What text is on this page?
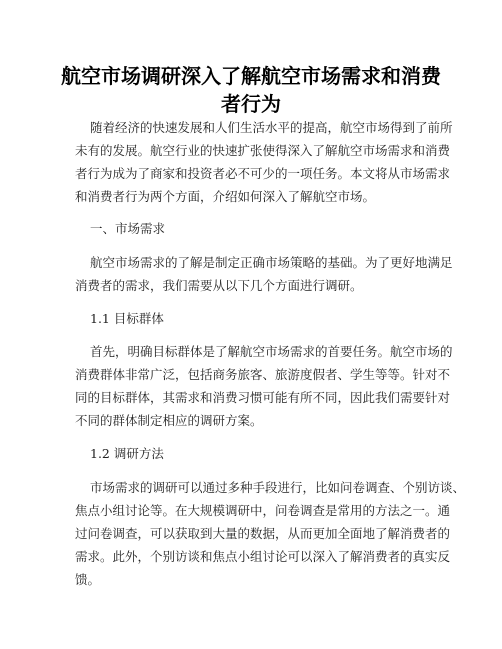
航空市场调研深入了解航空市场需求和消费
者行为
随着经济的快速发展和人们生活水平的提高，航空市场得到了前所
未有的发展。航空行业的快速扩张使得深入了解航空市场需求和消费
者行为成为了商家和投资者必不可少的一项任务。本文将从市场需求
和消费者行为两个方面，介绍如何深入了解航空市场。
一、市场需求
航空市场需求的了解是制定正确市场策略的基础。为了更好地满足
消费者的需求，我们需要从以下几个方面进行调研。
1.1 目标群体
首先，明确目标群体是了解航空市场需求的首要任务。航空市场的
消费群体非常广泛，包括商务旅客、旅游度假者、学生等等。针对不
同的目标群体，其需求和消费习惯可能有所不同，因此我们需要针对
不同的群体制定相应的调研方案。
1.2 调研方法
市场需求的调研可以通过多种手段进行，比如问卷调查、个别访谈、
焦点小组讨论等。在大规模调研中，问卷调查是常用的方法之一。通
过问卷调查，可以获取到大量的数据，从而更加全面地了解消费者的
需求。此外，个别访谈和焦点小组讨论可以深入了解消费者的真实反
馈。
